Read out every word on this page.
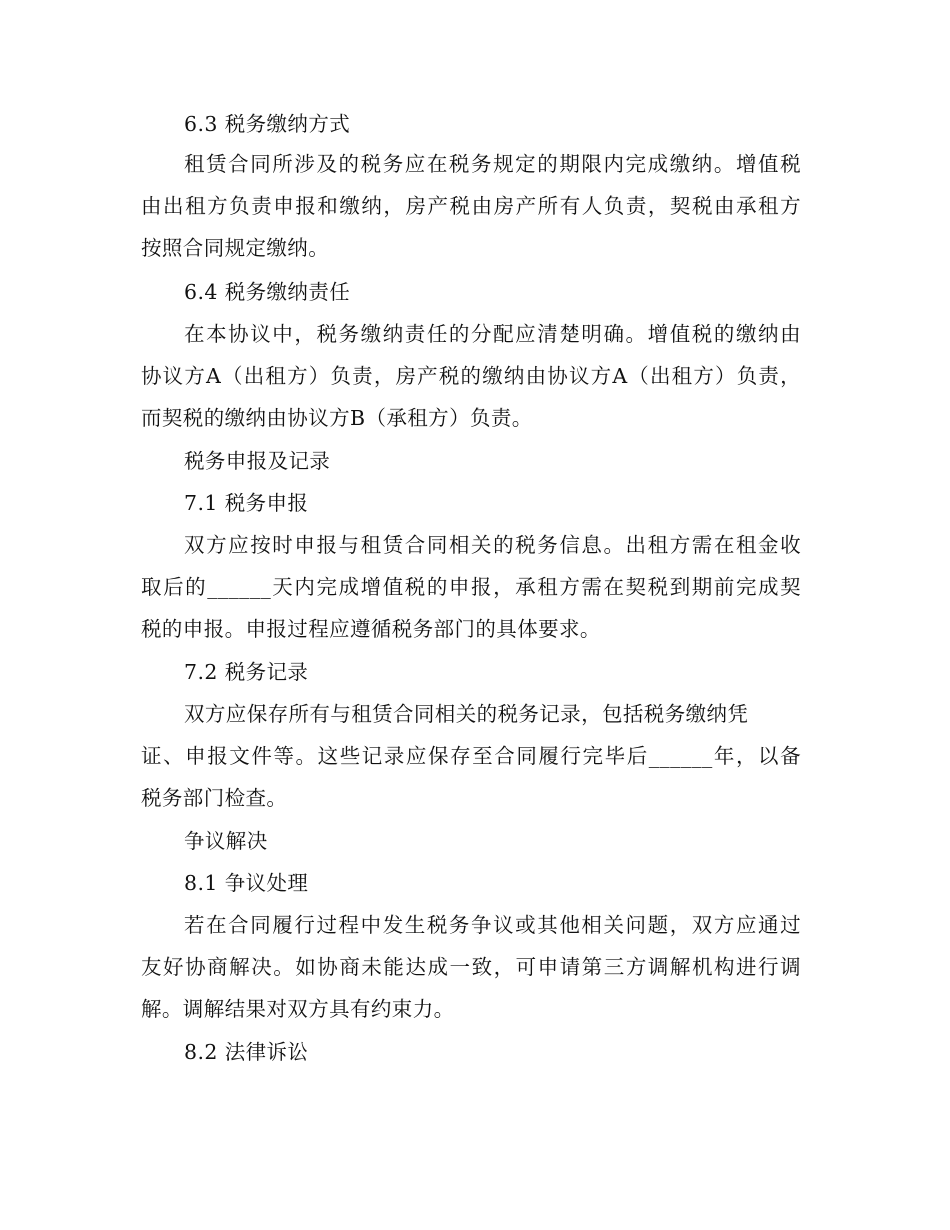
6.3 税务缴纳方式
租赁合同所涉及的税务应在税务规定的期限内完成缴纳。增值税
由出租方负责申报和缴纳，房产税由房产所有人负责，契税由承租方
按照合同规定缴纳。
6.4 税务缴纳责任
在本协议中，税务缴纳责任的分配应清楚明确。增值税的缴纳由
协议方A（出租方）负责，房产税的缴纳由协议方A（出租方）负责，
而契税的缴纳由协议方B（承租方）负责。
税务申报及记录
7.1 税务申报
双方应按时申报与租赁合同相关的税务信息。出租方需在租金收
取后的______天内完成增值税的申报，承租方需在契税到期前完成契
税的申报。申报过程应遵循税务部门的具体要求。
7.2 税务记录
双方应保存所有与租赁合同相关的税务记录，包括税务缴纳凭
证、申报文件等。这些记录应保存至合同履行完毕后______年，以备
税务部门检查。
争议解决
8.1 争议处理
若在合同履行过程中发生税务争议或其他相关问题，双方应通过
友好协商解决。如协商未能达成一致，可申请第三方调解机构进行调
解。调解结果对双方具有约束力。
8.2 法律诉讼
